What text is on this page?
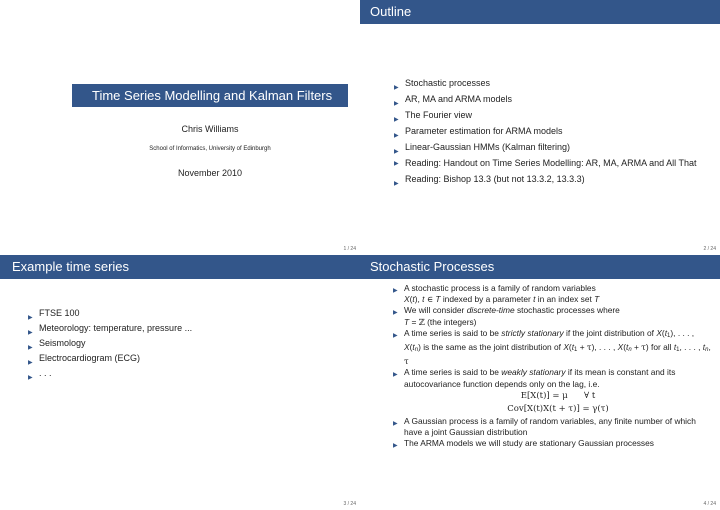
Time Series Modelling and Kalman Filters
Chris Williams
School of Informatics, University of Edinburgh
November 2010
1 / 24
Outline
▶ Stochastic processes
▶ AR, MA and ARMA models
▶ The Fourier view
▶ Parameter estimation for ARMA models
▶ Linear-Gaussian HMMs (Kalman filtering)
▶ Reading: Handout on Time Series Modelling: AR, MA, ARMA and All That
▶ Reading: Bishop 13.3 (but not 13.3.2, 13.3.3)
2 / 24
Example time series
▶ FTSE 100
▶ Meteorology: temperature, pressure ...
▶ Seismology
▶ Electrocardiogram (ECG)
▶ . . .
3 / 24
Stochastic Processes
▶ A stochastic process is a family of random variables
X(t), t ∈ T indexed by a parameter t in an index set T
▶ We will consider discrete-time stochastic processes where
T = ℤ (the integers)
▶ A time series is said to be strictly stationary if the joint distribution of X(t1), . . . , X(tn) is the same as the joint distribution of X(t1 + τ), . . . , X(tn + τ) for all t1, . . . , tn, τ
▶ A time series is said to be weakly stationary if its mean is constant and its autocovariance function depends only on the lag, i.e.
E[X(t)] = μ ∀ t
Cov[X(t)X(t + τ)] = γ(τ)
▶ A Gaussian process is a family of random variables, any finite number of which have a joint Gaussian distribution
▶ The ARMA models we will study are stationary Gaussian processes
4 / 24
